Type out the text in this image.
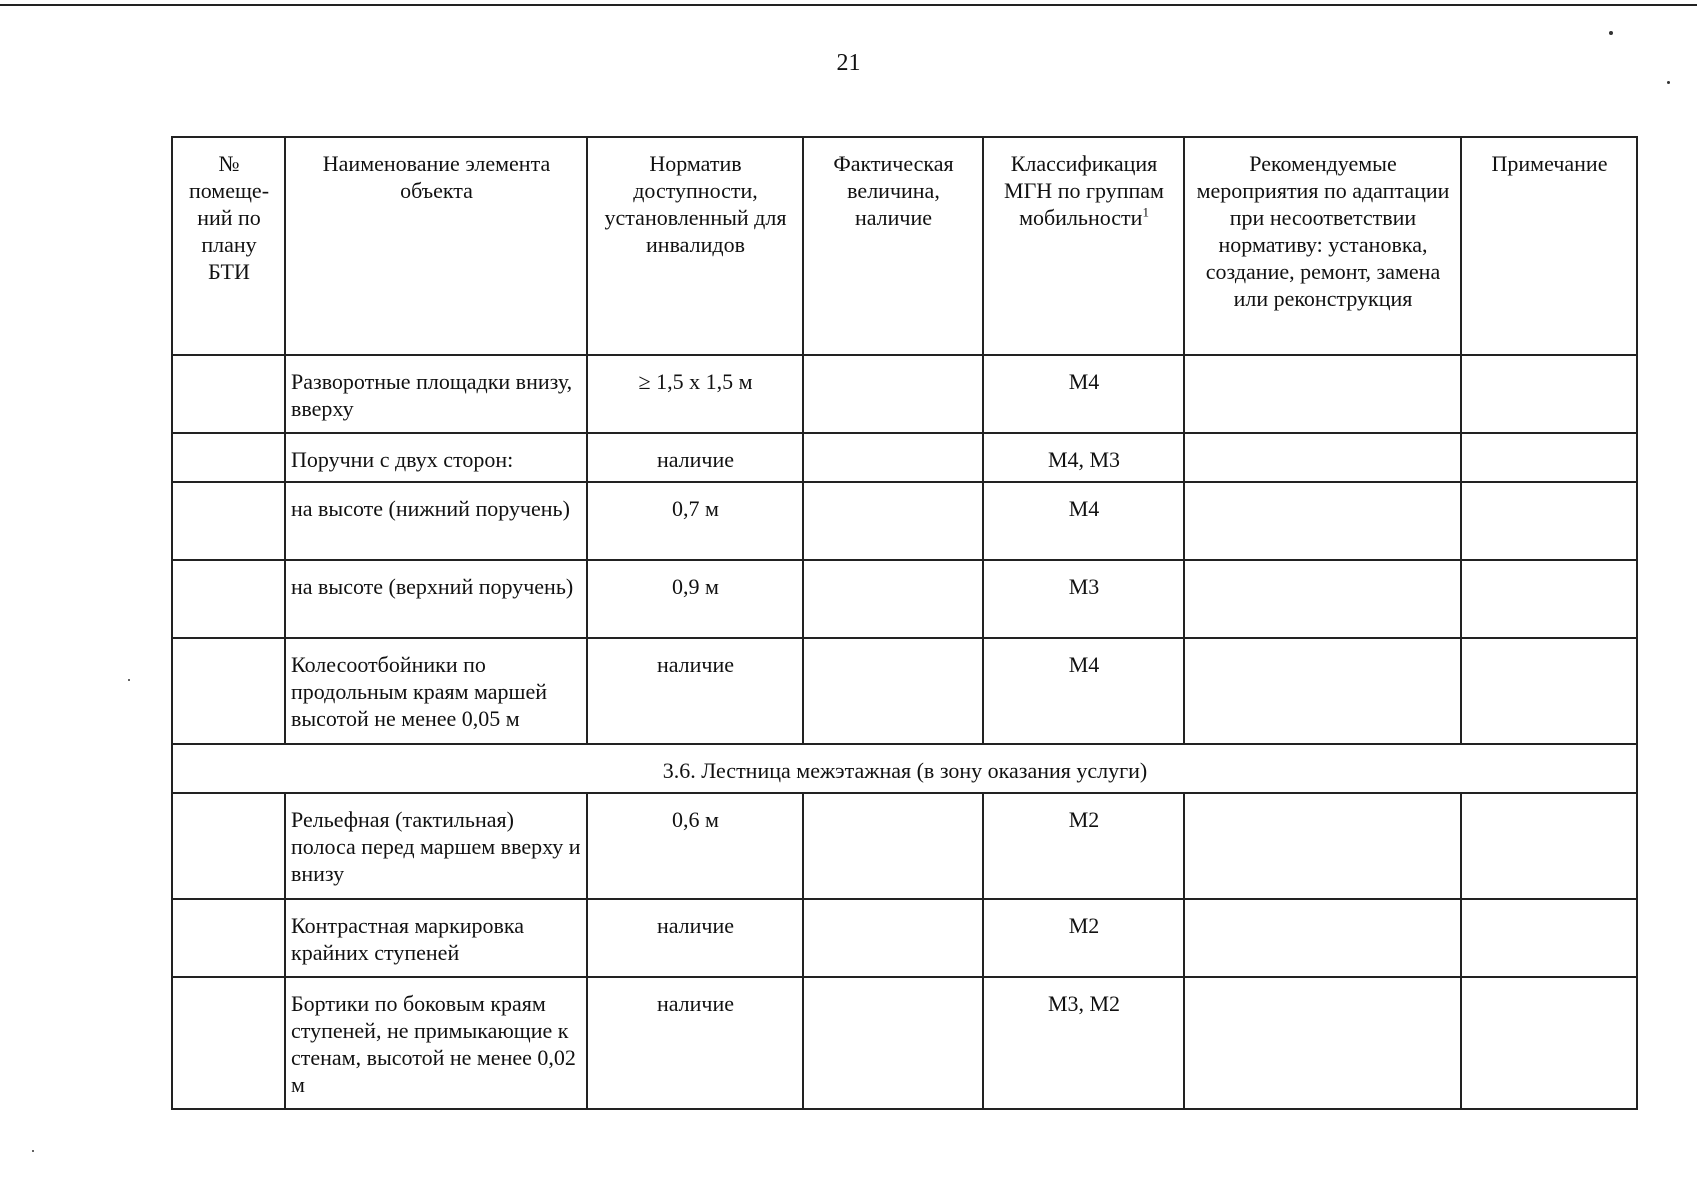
21
№ помеще-ний по плану БТИ	Наименование элемента объекта	Норматив доступности, установленный для инвалидов	Фактическая величина, наличие	Классификация МГН по группам мобильности$^1$	Рекомендуемые мероприятия по адаптации при несоответствии нормативу: установка, создание, ремонт, замена или реконструкция	Примечание
	Разворотные площадки внизу, вверху	≥ 1,5 х 1,5 м		М4		
	Поручни с двух сторон:	наличие		М4, М3		
	на высоте (нижний поручень)	0,7 м		М4		
	на высоте (верхний поручень)	0,9 м		М3		
	Колесоотбойники по продольным краям маршей высотой не менее 0,05 м	наличие		М4		
3.6. Лестница межэтажная (в зону оказания услуги)						
	Рельефная (тактильная) полоса перед маршем вверху и внизу	0,6 м		М2		
	Контрастная маркировка крайних ступеней	наличие		М2		
	Бортики по боковым краям ступеней, не примыкающие к стенам, высотой не менее 0,02 м	наличие		М3, М2		
